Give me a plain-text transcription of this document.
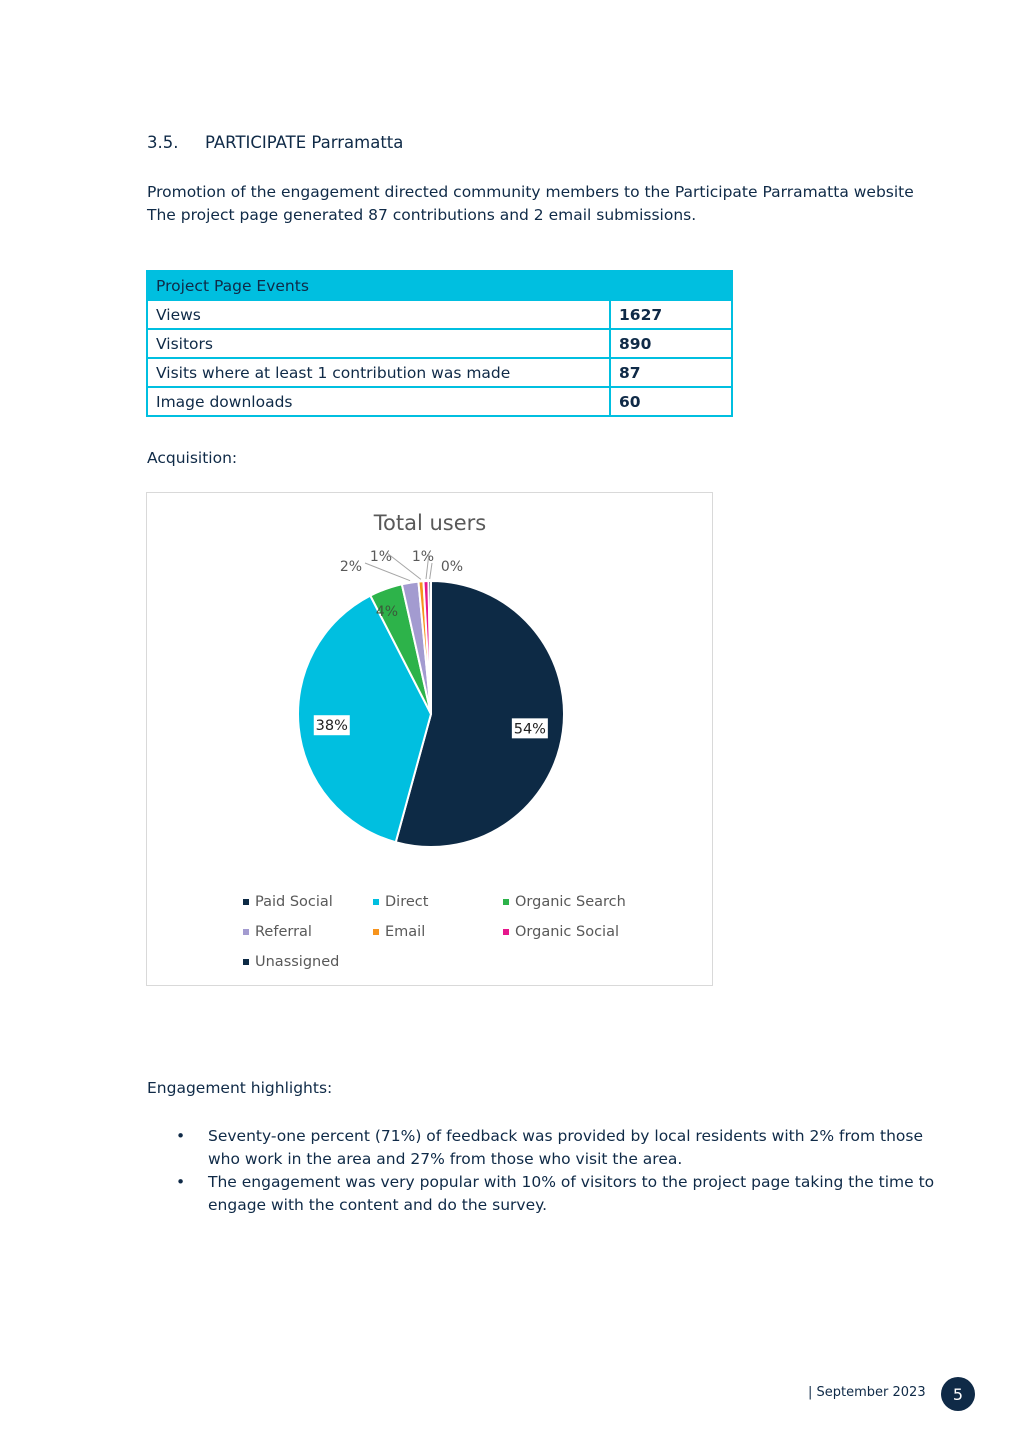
3.5. PARTICIPATE Parramatta
Promotion of the engagement directed community members to the Participate Parramatta website
The project page generated 87 contributions and 2 email submissions.
Project Page Events	
Views	1627
Visitors	890
Visits where at least 1 contribution was made	87
Image downloads	60
Acquisition:
Total users
54%
38%
4%
2%
1% 1%
0%
Paid Social	Direct	Organic Search
Referral	Email	Organic Social
Unassigned
Engagement highlights:
• Seventy-one percent (71%) of feedback was provided by local residents with 2% from those who work in the area and 27% from those who visit the area.
• The engagement was very popular with 10% of visitors to the project page taking the time to engage with the content and do the survey.
| September 2023	5
